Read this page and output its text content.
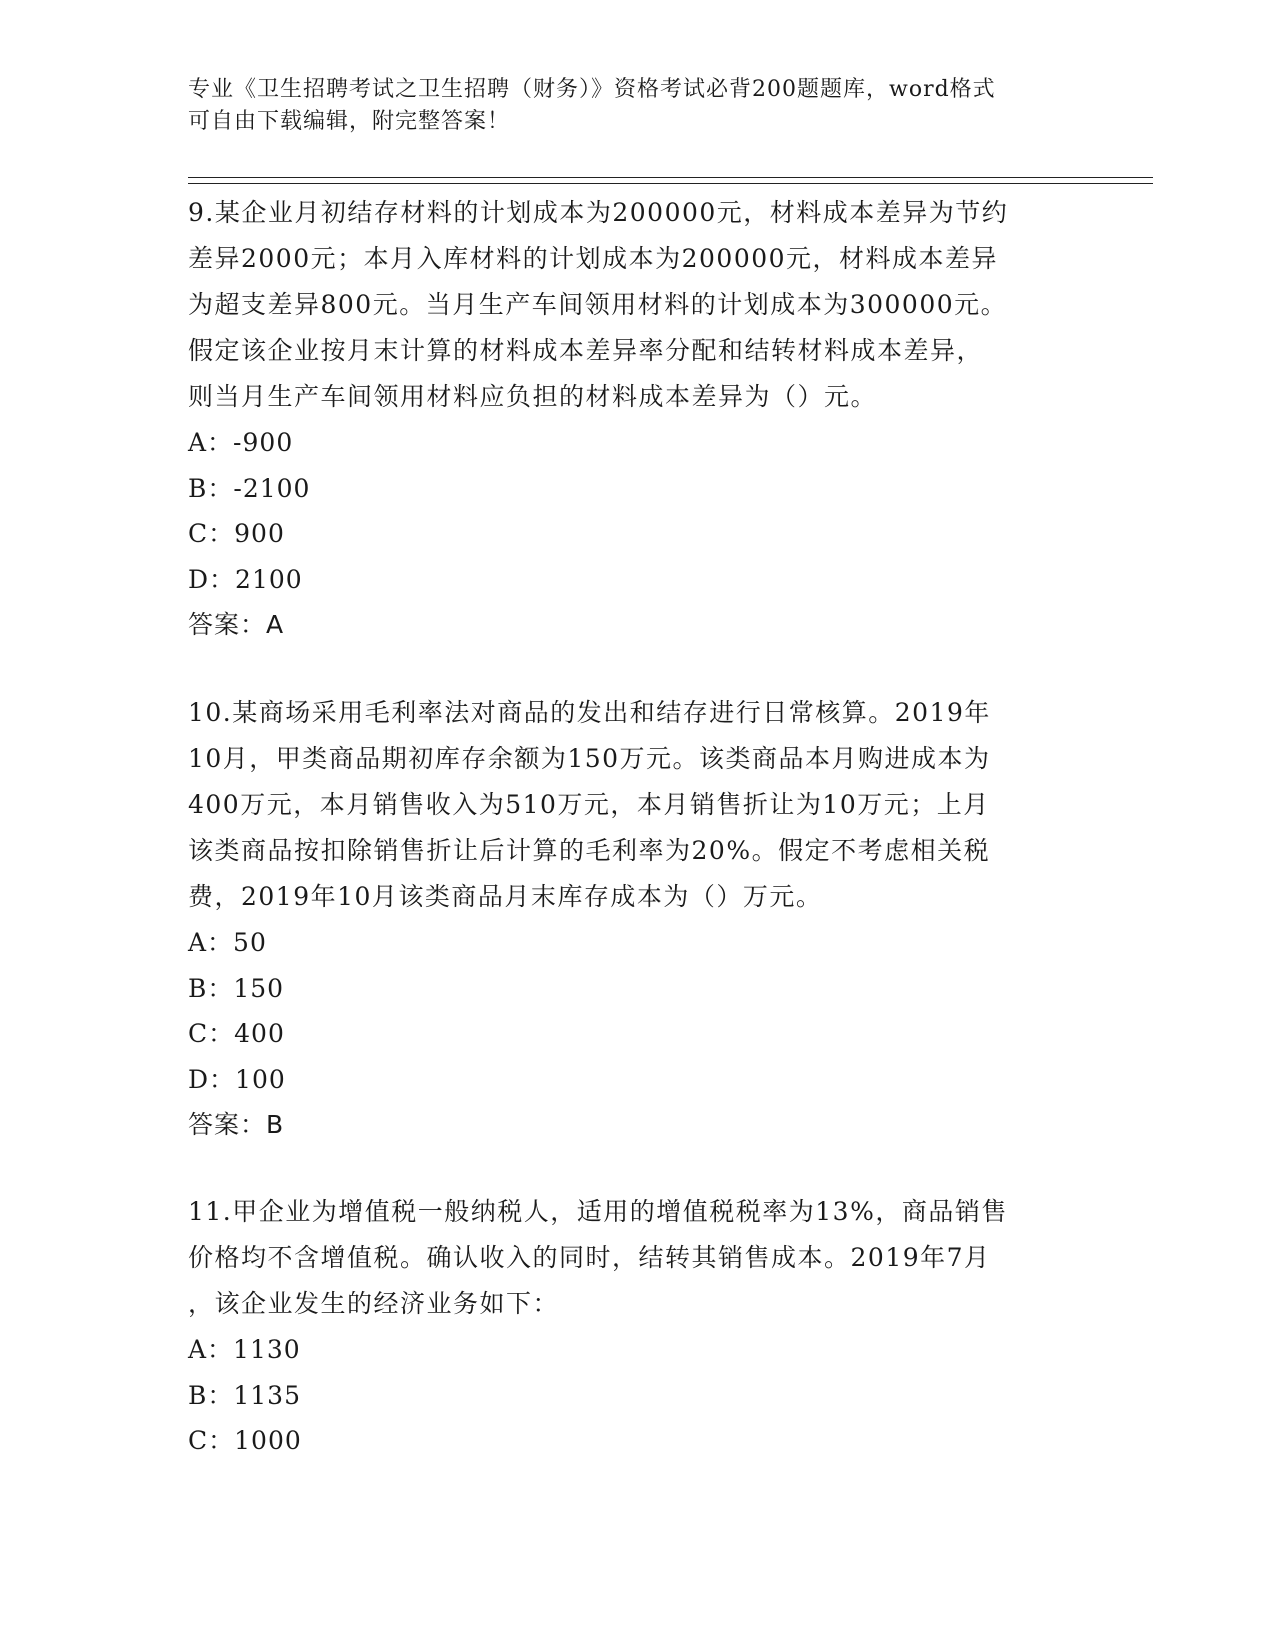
专业《卫生招聘考试之卫生招聘（财务）》资格考试必背200题题库，word格式
可自由下载编辑，附完整答案！

9.某企业月初结存材料的计划成本为200000元，材料成本差异为节约

差异2000元；本月入库材料的计划成本为200000元，材料成本差异

为超支差异800元。当月生产车间领用材料的计划成本为300000元。

假定该企业按月末计算的材料成本差异率分配和结转材料成本差异，

则当月生产车间领用材料应负担的材料成本差异为（）元。

A：-900

B：-2100

C：900

D：2100

答案：A

10.某商场采用毛利率法对商品的发出和结存进行日常核算。2019年

10月，甲类商品期初库存余额为150万元。该类商品本月购进成本为

400万元，本月销售收入为510万元，本月销售折让为10万元；上月

该类商品按扣除销售折让后计算的毛利率为20%。假定不考虑相关税

费，2019年10月该类商品月末库存成本为（）万元。

A：50

B：150

C：400

D：100

答案：B

11.甲企业为增值税一般纳税人，适用的增值税税率为13%，商品销售

价格均不含增值税。确认收入的同时，结转其销售成本。2019年7月

，该企业发生的经济业务如下：

A：1130

B：1135

C：1000
